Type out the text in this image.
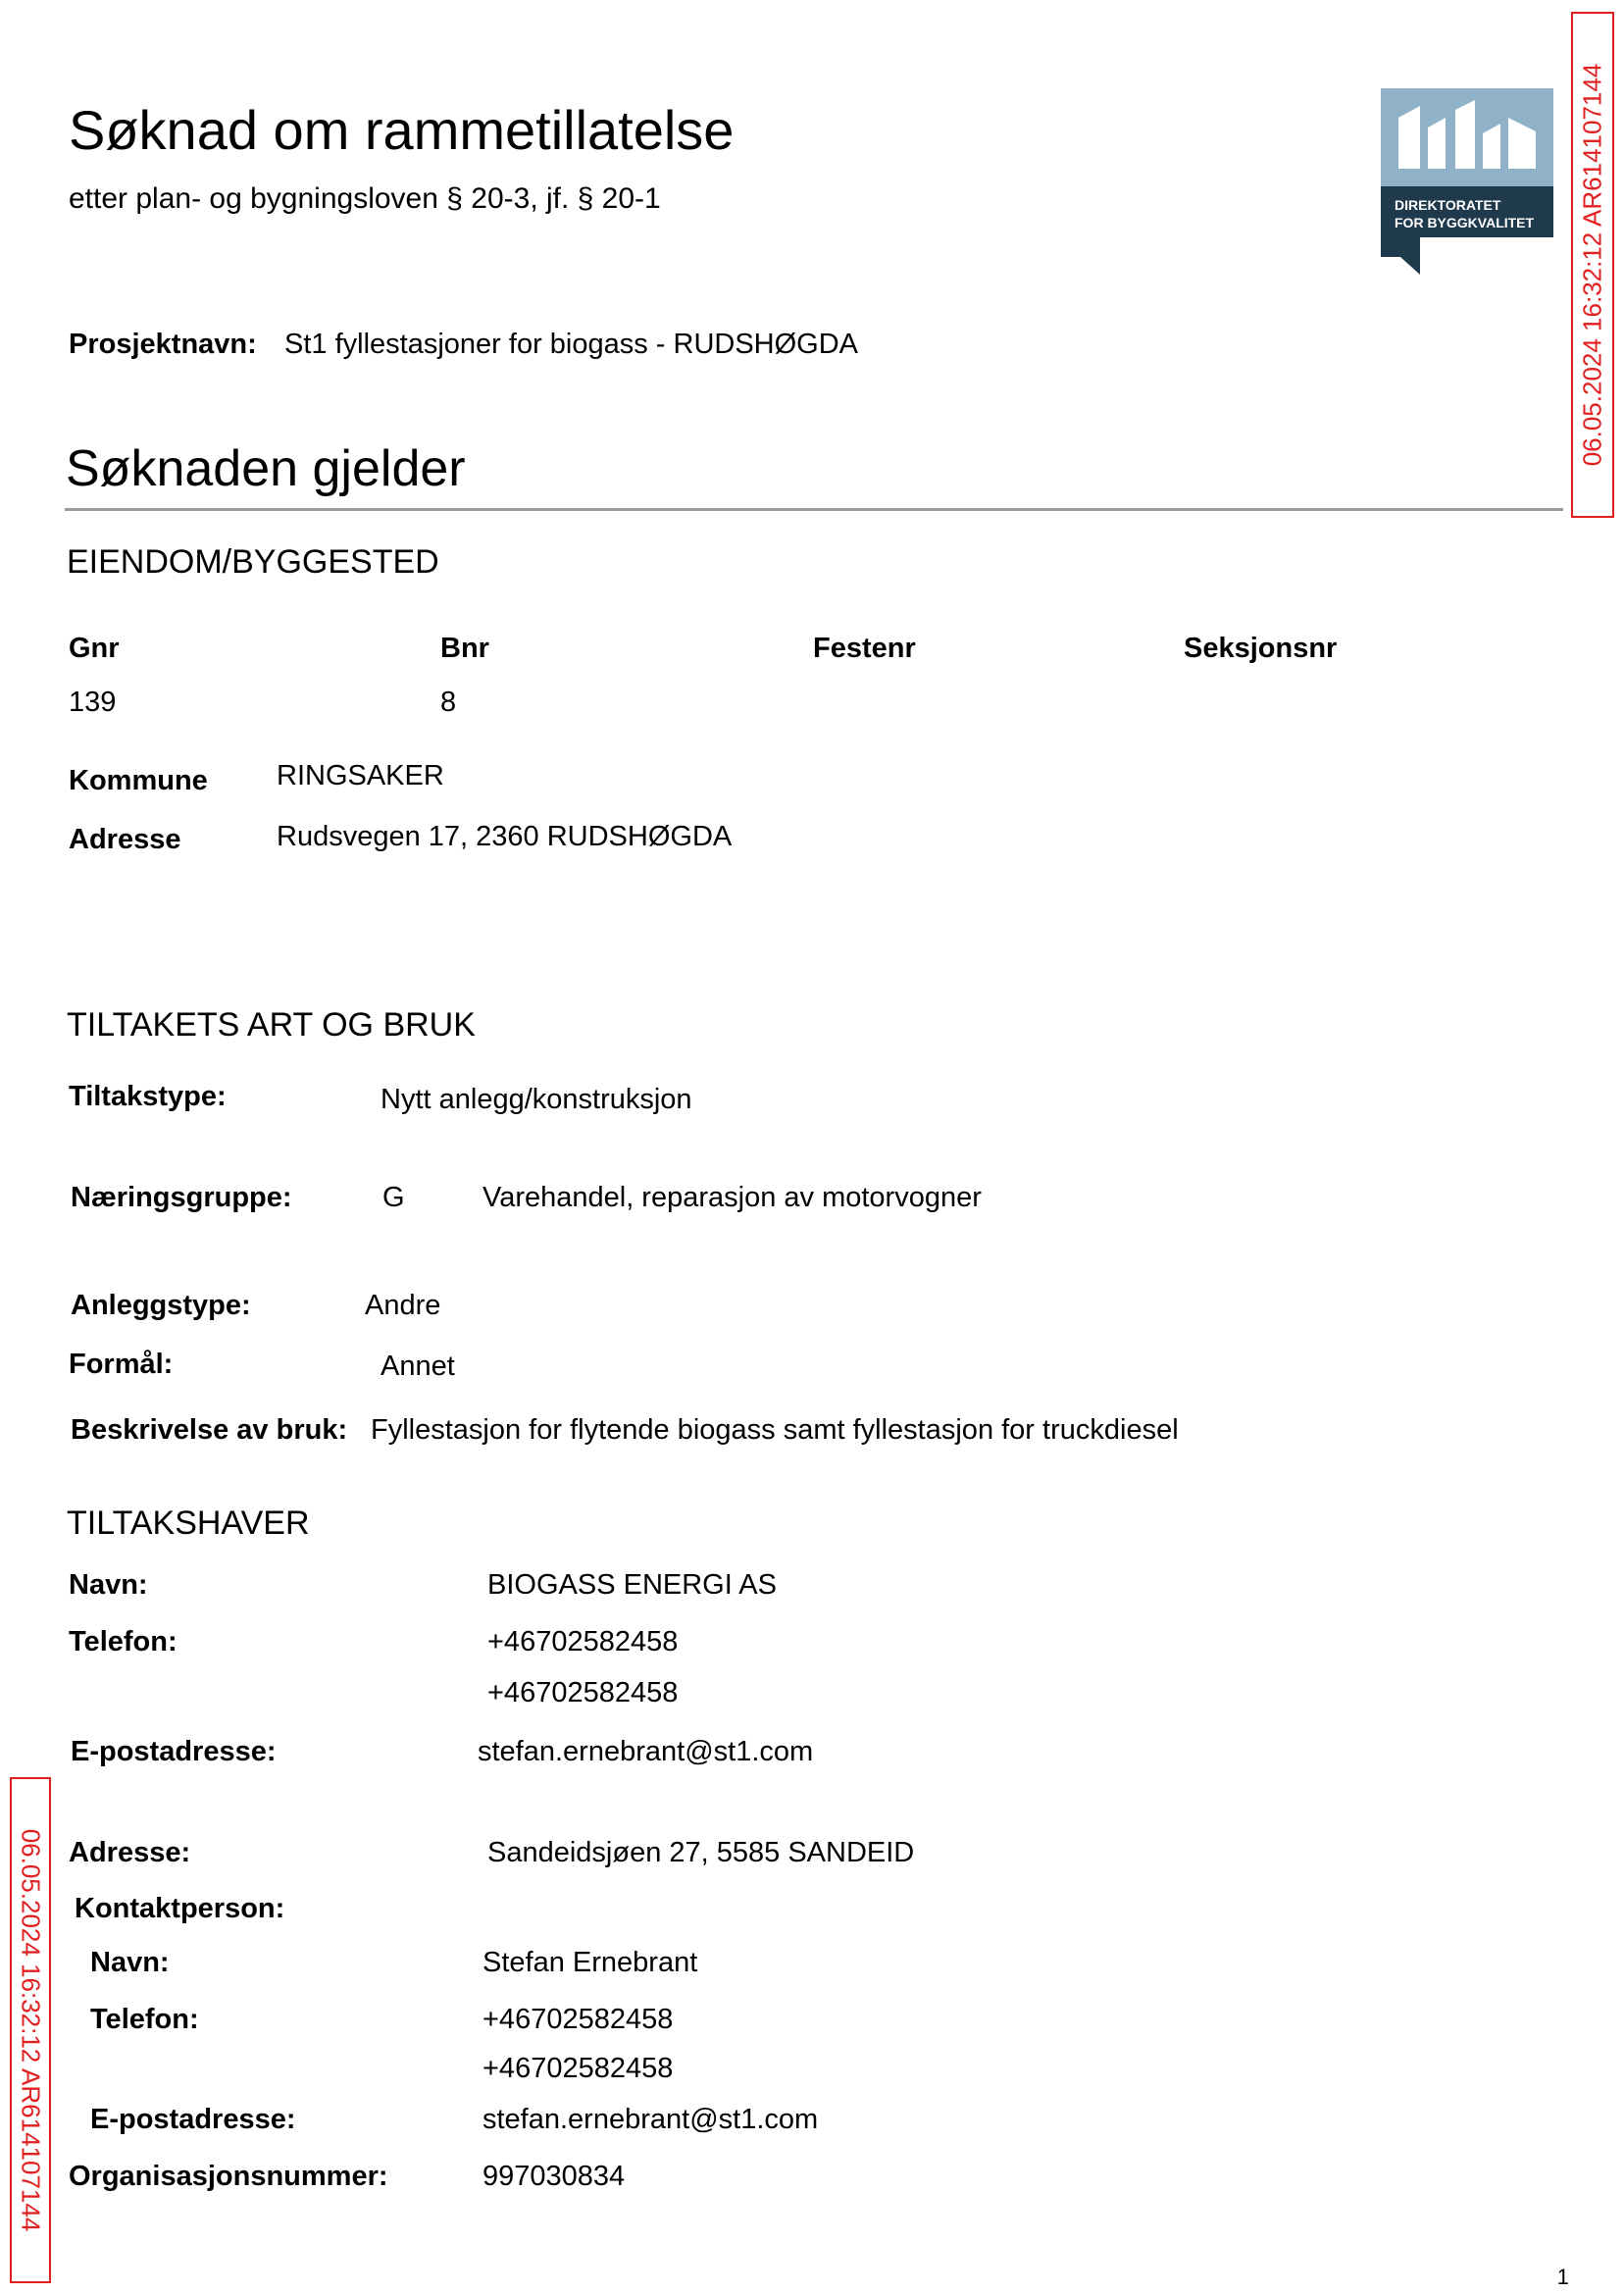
Søknad om rammetillatelse
etter plan- og bygningsloven § 20-3, jf. § 20-1	DIREKTORATET
FOR BYGGKVALITET 06.05.2024 16:32:12 AR614107144
06.05.2024 16:32:12 AR614107144
Prosjektnavn: St1 fyllestasjoner for biogass - RUDSHØGDA
Søknaden gjelder
EIENDOM/BYGGESTED
Gnr	Bnr	Festenr	Seksjonsnr
139	8
Kommune RINGSAKER
Adresse	Rudsvegen 17, 2360 RUDSHØGDA
TILTAKETS ART OG BRUK
Tiltakstype:	Nytt anlegg/konstruksjon
Næringsgruppe:	G	Varehandel, reparasjon av motorvogner
Anleggstype:	Andre
Formål:	Annet
Beskrivelse av bruk: Fyllestasjon for flytende biogass samt fyllestasjon for truckdiesel
TILTAKSHAVER
Navn:	BIOGASS ENERGI AS
Telefon:	+46702582458
+46702582458
E-postadresse:	stefan.ernebrant@st1.com
Adresse:	Sandeidsjøen 27, 5585 SANDEID
Kontaktperson:
Navn:	Stefan Ernebrant
Telefon:	+46702582458
+46702582458
E-postadresse:	stefan.ernebrant@st1.com
Organisasjonsnummer:	997030834
1
